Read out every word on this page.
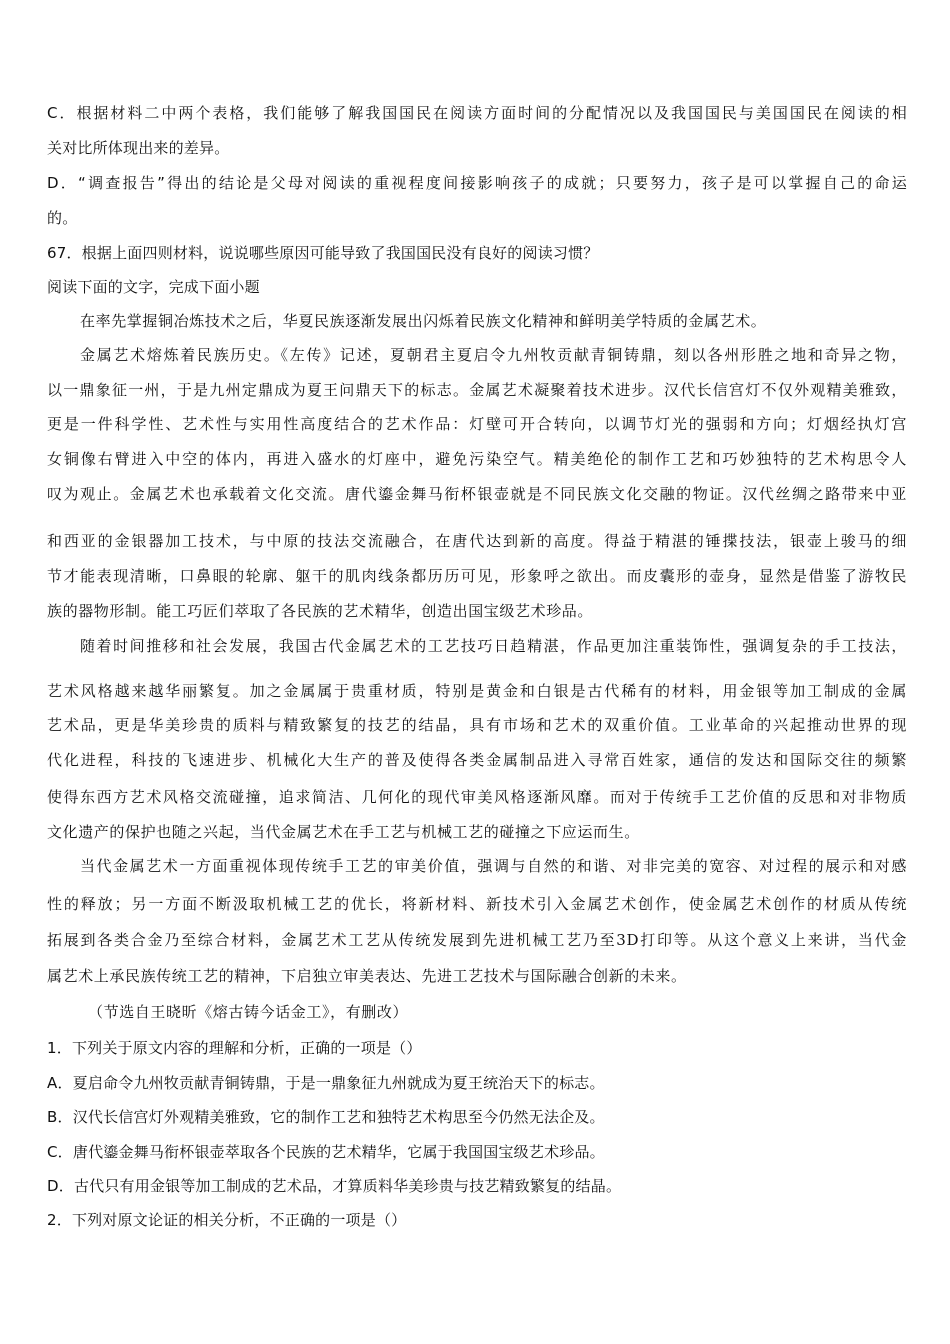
C．根据材料二中两个表格，我们能够了解我国国民在阅读方面时间的分配情况以及我国国民与美国国民在阅读的相
关对比所体现出来的差异。
D．“调查报告”得出的结论是父母对阅读的重视程度间接影响孩子的成就；只要努力，孩子是可以掌握自己的命运
的。
67．根据上面四则材料，说说哪些原因可能导致了我国国民没有良好的阅读习惯？
阅读下面的文字，完成下面小题
在率先掌握铜冶炼技术之后，华夏民族逐渐发展出闪烁着民族文化精神和鲜明美学特质的金属艺术。
金属艺术熔炼着民族历史。《左传》记述，夏朝君主夏启令九州牧贡献青铜铸鼎，刻以各州形胜之地和奇异之物，
以一鼎象征一州，于是九州定鼎成为夏王问鼎天下的标志。金属艺术凝聚着技术进步。汉代长信宫灯不仅外观精美雅致，
更是一件科学性、艺术性与实用性高度结合的艺术作品：灯壁可开合转向，以调节灯光的强弱和方向；灯烟经执灯宫
女铜像右臂进入中空的体内，再进入盛水的灯座中，避免污染空气。精美绝伦的制作工艺和巧妙独特的艺术构思令人
叹为观止。金属艺术也承载着文化交流。唐代鎏金舞马衔杯银壶就是不同民族文化交融的物证。汉代丝绸之路带来中亚
和西亚的金银器加工技术，与中原的技法交流融合，在唐代达到新的高度。得益于精湛的锤揲技法，银壶上骏马的细
节才能表现清晰，口鼻眼的轮廓、躯干的肌肉线条都历历可见，形象呼之欲出。而皮囊形的壶身，显然是借鉴了游牧民
族的器物形制。能工巧匠们萃取了各民族的艺术精华，创造出国宝级艺术珍品。
随着时间推移和社会发展，我国古代金属艺术的工艺技巧日趋精湛，作品更加注重装饰性，强调复杂的手工技法，
艺术风格越来越华丽繁复。加之金属属于贵重材质，特别是黄金和白银是古代稀有的材料，用金银等加工制成的金属
艺术品，更是华美珍贵的质料与精致繁复的技艺的结晶，具有市场和艺术的双重价值。工业革命的兴起推动世界的现
代化进程，科技的飞速进步、机械化大生产的普及使得各类金属制品进入寻常百姓家，通信的发达和国际交往的频繁
使得东西方艺术风格交流碰撞，追求简洁、几何化的现代审美风格逐渐风靡。而对于传统手工艺价值的反思和对非物质
文化遗产的保护也随之兴起，当代金属艺术在手工艺与机械工艺的碰撞之下应运而生。
当代金属艺术一方面重视体现传统手工艺的审美价值，强调与自然的和谐、对非完美的宽容、对过程的展示和对感
性的释放；另一方面不断汲取机械工艺的优长，将新材料、新技术引入金属艺术创作，使金属艺术创作的材质从传统
拓展到各类合金乃至综合材料，金属艺术工艺从传统发展到先进机械工艺乃至3D打印等。从这个意义上来讲，当代金
属艺术上承民族传统工艺的精神，下启独立审美表达、先进工艺技术与国际融合创新的未来。
（节选自王晓昕《熔古铸今话金工》，有删改）
1．下列关于原文内容的理解和分析，正确的一项是（）
A．夏启命令九州牧贡献青铜铸鼎，于是一鼎象征九州就成为夏王统治天下的标志。
B．汉代长信宫灯外观精美雅致，它的制作工艺和独特艺术构思至今仍然无法企及。
C．唐代鎏金舞马衔杯银壶萃取各个民族的艺术精华，它属于我国国宝级艺术珍品。
D．古代只有用金银等加工制成的艺术品，才算质料华美珍贵与技艺精致繁复的结晶。
2．下列对原文论证的相关分析，不正确的一项是（）
